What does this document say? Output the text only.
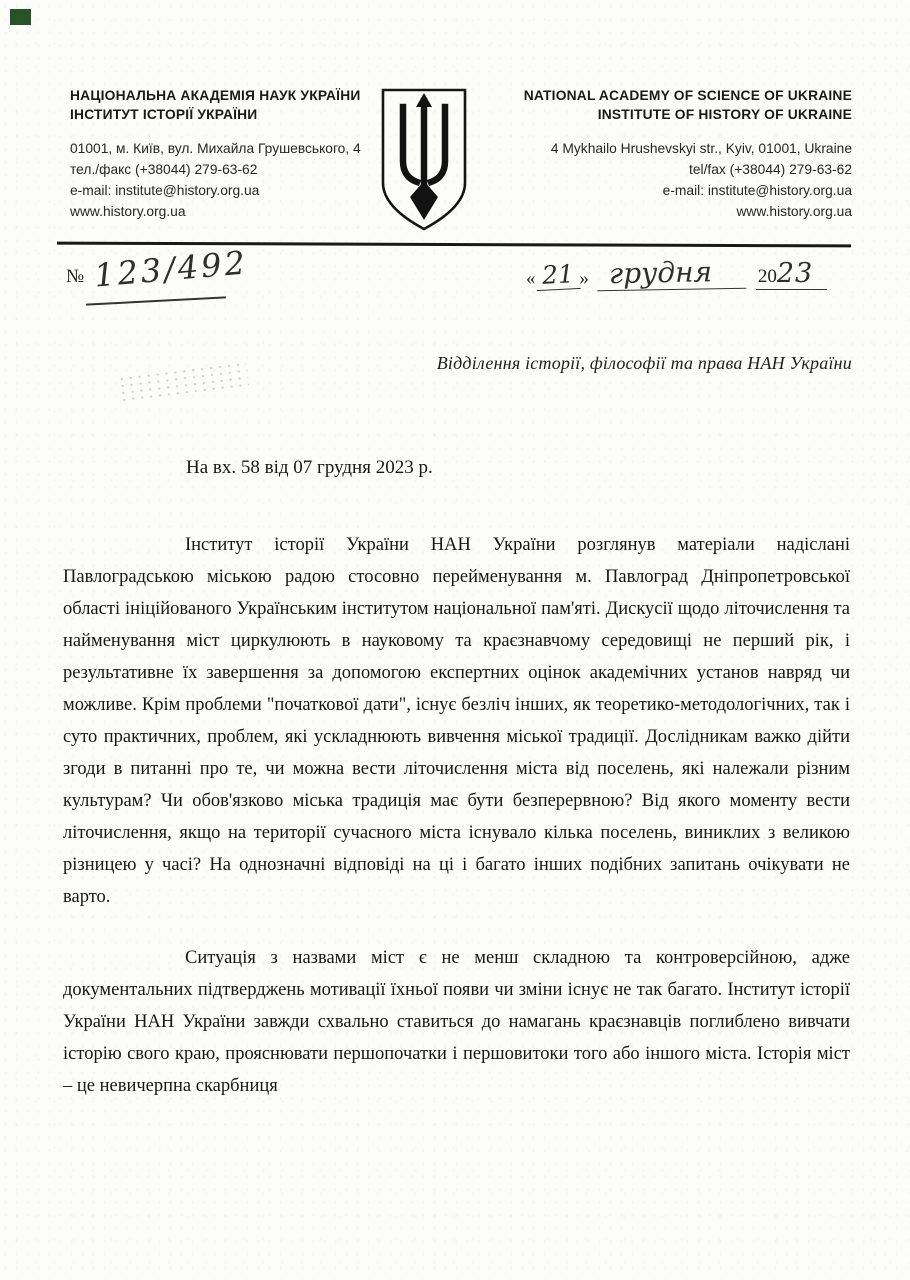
НАЦІОНАЛЬНА АКАДЕМІЯ НАУК УКРАЇНИ
ІНСТИТУТ ІСТОРІЇ УКРАЇНИ
01001, м. Київ, вул. Михайла Грушевського, 4
тел./факс (+38044) 279-63-62
e-mail: institute@history.org.ua
www.history.org.ua
NATIONAL ACADEMY OF SCIENCE OF UKRAINE
INSTITUTE OF HISTORY OF UKRAINE
4 Mykhailo Hrushevskyi str., Kyiv, 01001, Ukraine
tel/fax (+38044) 279-63-62
e-mail: institute@history.org.ua
www.history.org.ua
№ 123/492	« 21 » грудня	2023
Відділення історії, філософії та права НАН України
На вх. 58 від 07 грудня 2023 р.

Інститут історії України НАН України розглянув матеріали надіслані Павлоградською міською радою стосовно перейменування м. Павлоград Дніпропетровської області ініційованого Українським інститутом національної пам'яті. Дискусії щодо літочислення та найменування міст циркулюють в науковому та краєзнавчому середовищі не перший рік, і результативне їх завершення за допомогою експертних оцінок академічних установ навряд чи можливе. Крім проблеми "початкової дати", існує безліч інших, як теоретико-методологічних, так і суто практичних, проблем, які ускладнюють вивчення міської традиції. Дослідникам важко дійти згоди в питанні про те, чи можна вести літочислення міста від поселень, які належали різним культурам? Чи обов'язково міська традиція має бути безперервною? Від якого моменту вести літочислення, якщо на території сучасного міста існувало кілька поселень, виниклих з великою різницею у часі? На однозначні відповіді на ці і багато інших подібних запитань очікувати не варто.

Ситуація з назвами міст є не менш складною та контроверсійною, адже документальних підтверджень мотивації їхньої появи чи зміни існує не так багато. Інститут історії України НАН України завжди схвально ставиться до намагань краєзнавців поглиблено вивчати історію свого краю, прояснювати першопочатки і першовитоки того або іншого міста. Історія міст – це невичерпна скарбниця
